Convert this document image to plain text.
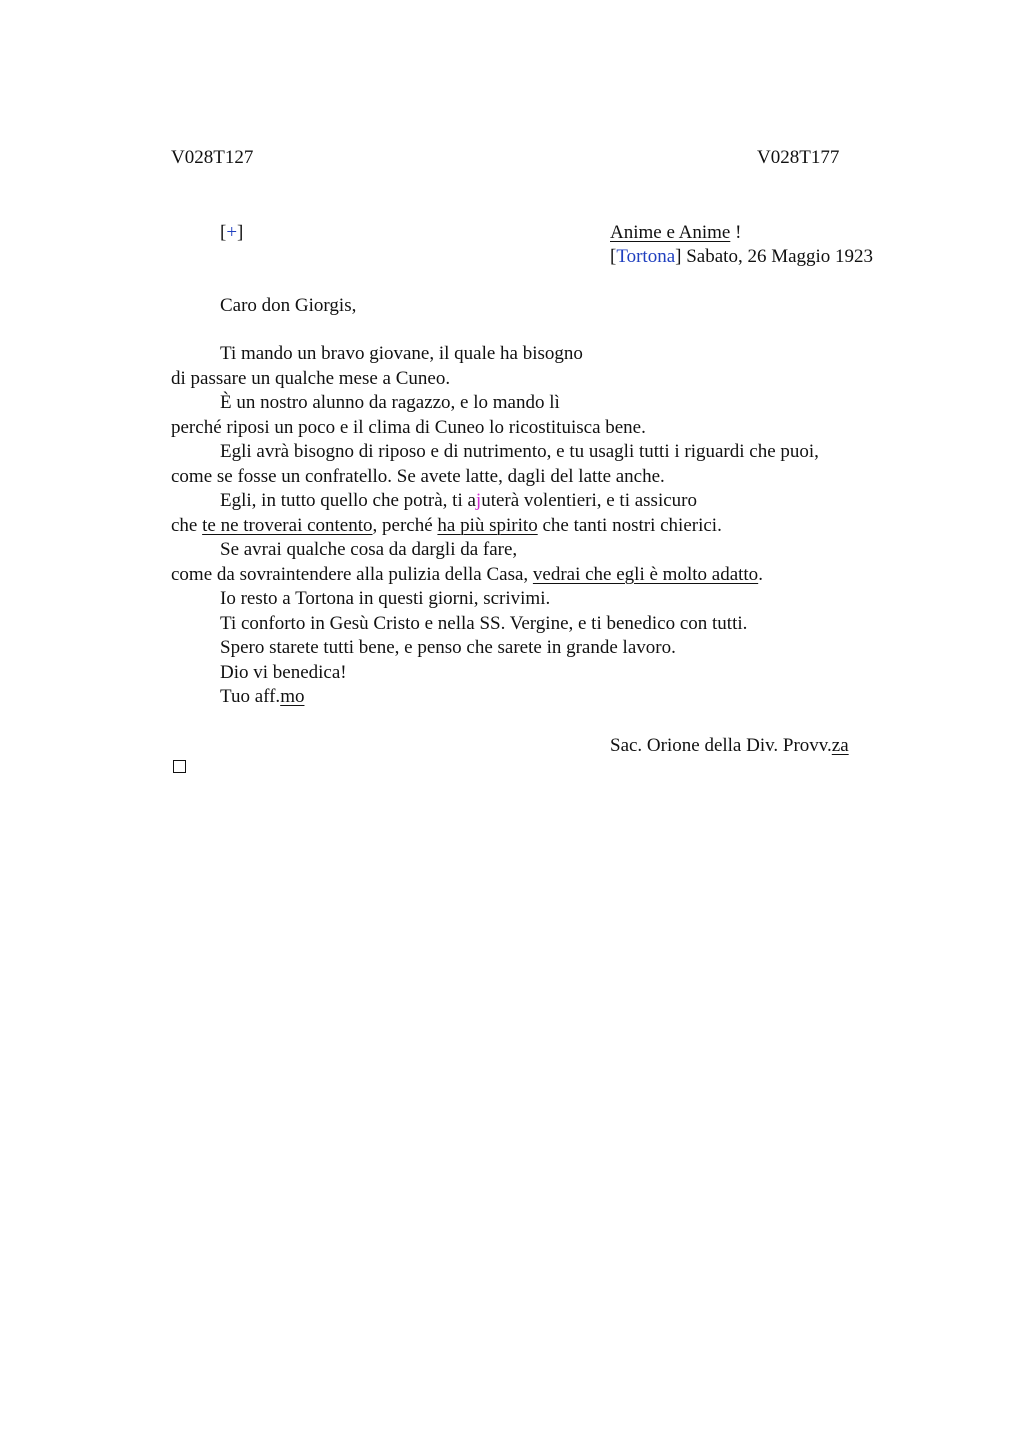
V028T127	V028T177
[+]	Anime e Anime !
[Tortona] Sabato, 26 Maggio 1923
Caro don Giorgis,
Ti mando un bravo giovane, il quale ha bisogno
di passare un qualche mese a Cuneo.
È un nostro alunno da ragazzo, e lo mando lì
perché riposi un poco e il clima di Cuneo lo ricostituisca bene.
Egli avrà bisogno di riposo e di nutrimento, e tu usagli tutti i riguardi che puoi,
come se fosse un confratello. Se avete latte, dagli del latte anche.
Egli, in tutto quello che potrà, ti ajuterà volentieri, e ti assicuro
che te ne troverai contento, perché ha più spirito che tanti nostri chierici.
Se avrai qualche cosa da dargli da fare,
come da sovraintendere alla pulizia della Casa, vedrai che egli è molto adatto.
Io resto a Tortona in questi giorni, scrivimi.
Ti conforto in Gesù Cristo e nella SS. Vergine, e ti benedico con tutti.
Spero starete tutti bene, e penso che sarete in grande lavoro.
Dio vi benedica!
Tuo aff.mo
Sac. Orione della Div. Provv.za
